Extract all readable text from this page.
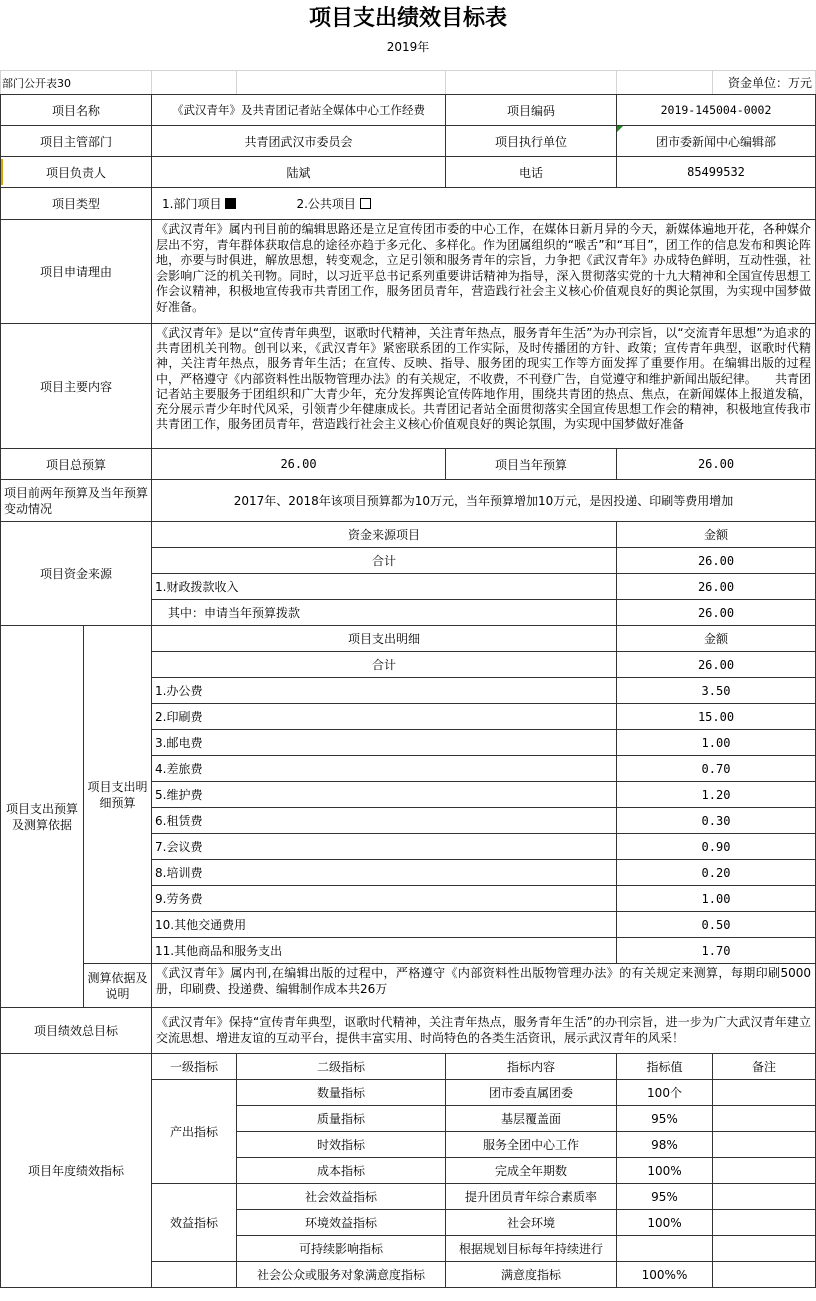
项目支出绩效目标表
2019年
部门公开表30						资金单位：万元
项目名称		《武汉青年》及共青团记者站全媒体中心工作经费		项目编码	2019-145004-0002	
项目主管部门		共青团武汉市委员会		项目执行单位	团市委新闻中心编辑部	
项目负责人		陆斌		电话	85499532	
项目类型		1.部门项目 2.公共项目				
项目申请理由		《武汉青年》属内刊目前的编辑思路还是立足宣传团市委的中心工作，在媒体日新月异的今天，新媒体遍地开花，各种媒介层出不穷，青年群体获取信息的途径亦趋于多元化、多样化。作为团属组织的“喉舌”和“耳目”，团工作的信息发布和舆论阵地，亦要与时俱进，解放思想，转变观念，立足引领和服务青年的宗旨，力争把《武汉青年》办成特色鲜明，互动性强，社会影响广泛的机关刊物。同时，以习近平总书记系列重要讲话精神为指导，深入贯彻落实党的十九大精神和全国宣传思想工作会议精神，积极地宣传我市共青团工作，服务团员青年，营造践行社会主义核心价值观良好的舆论氛围，为实现中国梦做好准备。				
项目主要内容		《武汉青年》是以“宣传青年典型，讴歌时代精神，关注青年热点，服务青年生活”为办刊宗旨，以“交流青年思想”为追求的共青团机关刊物。创刊以来，《武汉青年》紧密联系团的工作实际，及时传播团的方针、政策；宣传青年典型，讴歌时代精神，关注青年热点，服务青年生活；在宣传、反映、指导、服务团的现实工作等方面发挥了重要作用。在编辑出版的过程中，严格遵守《内部资料性出版物管理办法》的有关规定，不收费，不刊登广告，自觉遵守和维护新闻出版纪律。　　共青团记者站主要服务于团组织和广大青少年，充分发挥舆论宣传阵地作用，围绕共青团的热点、焦点，在新闻媒体上报道发稿，充分展示青少年时代风采，引领青少年健康成长。共青团记者站全面贯彻落实全国宣传思想工作会的精神，积极地宣传我市共青团工作，服务团员青年，营造践行社会主义核心价值观良好的舆论氛围，为实现中国梦做好准备				
项目总预算		26.00		项目当年预算	26.00	
项目前两年预算及当年预算变动情况		2017年、2018年该项目预算都为10万元，当年预算增加10万元，是因投递、印刷等费用增加				
项目资金来源		资金来源项目			金额	
		合计			26.00	
		1.财政拨款收入			26.00	
		其中：申请当年预算拨款			26.00	
项目支出预算及测算依据	项目支出明细预算	项目支出明细			金额	
		合计			26.00	
		1.办公费			3.50	
		2.印刷费			15.00	
		3.邮电费			1.00	
		4.差旅费			0.70	
		5.维护费			1.20	
		6.租赁费			0.30	
		7.会议费			0.90	
		8.培训费			0.20	
		9.劳务费			1.00	
		10.其他交通费用			0.50	
		11.其他商品和服务支出			1.70	
	测算依据及说明	《武汉青年》属内刊,在编辑出版的过程中，严格遵守《内部资料性出版物管理办法》的有关规定来测算，每期印刷5000册，印刷费、投递费、编辑制作成本共26万				
项目绩效总目标		《武汉青年》保持“宣传青年典型，讴歌时代精神，关注青年热点，服务青年生活”的办刊宗旨，进一步为广大武汉青年建立交流思想、增进友谊的互动平台，提供丰富实用、时尚特色的各类生活资讯，展示武汉青年的风采！				
项目年度绩效指标		一级指标	二级指标	指标内容	指标值	备注
		产出指标	数量指标	团市委直属团委	100个	
			质量指标	基层覆盖面	95%	
			时效指标	服务全团中心工作	98%	
			成本指标	完成全年期数	100%	
		效益指标	社会效益指标	提升团员青年综合素质率	95%	
			环境效益指标	社会环境	100%	
			可持续影响指标	根据规划目标每年持续进行		
			社会公众或服务对象满意度指标	满意度指标	100%%	
